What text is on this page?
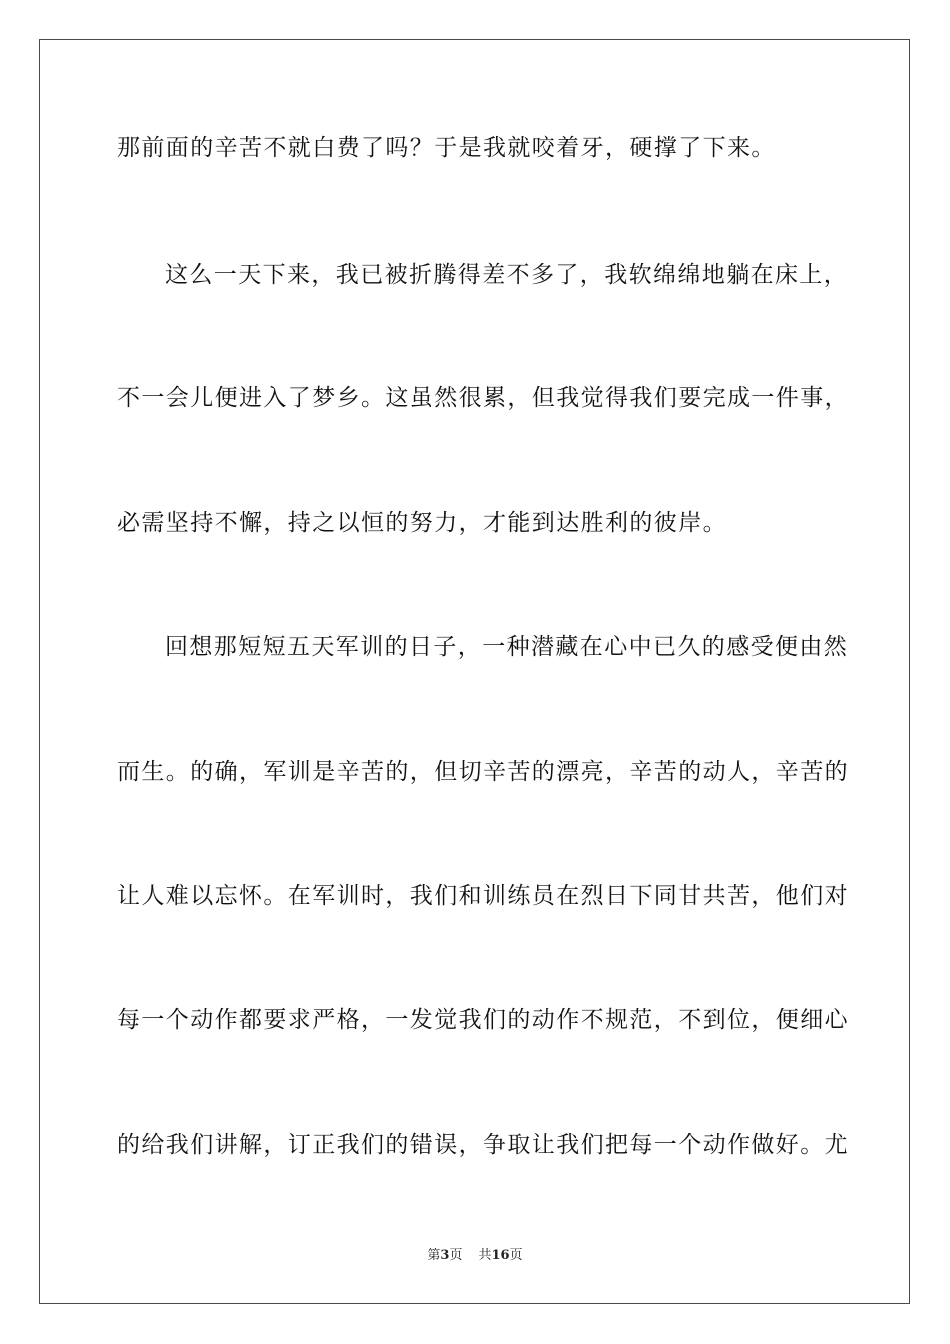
那前面的辛苦不就白费了吗？于是我就咬着牙，硬撑了下来。
这么一天下来，我已被折腾得差不多了，我软绵绵地躺在床上，
不一会儿便进入了梦乡。这虽然很累，但我觉得我们要完成一件事，
必需坚持不懈，持之以恒的努力，才能到达胜利的彼岸。
回想那短短五天军训的日子，一种潜藏在心中已久的感受便由然
而生。的确，军训是辛苦的，但切辛苦的漂亮，辛苦的动人，辛苦的
让人难以忘怀。在军训时，我们和训练员在烈日下同甘共苦，他们对
每一个动作都要求严格，一发觉我们的动作不规范，不到位，便细心
的给我们讲解，订正我们的错误，争取让我们把每一个动作做好。尤
第3页 共16页
